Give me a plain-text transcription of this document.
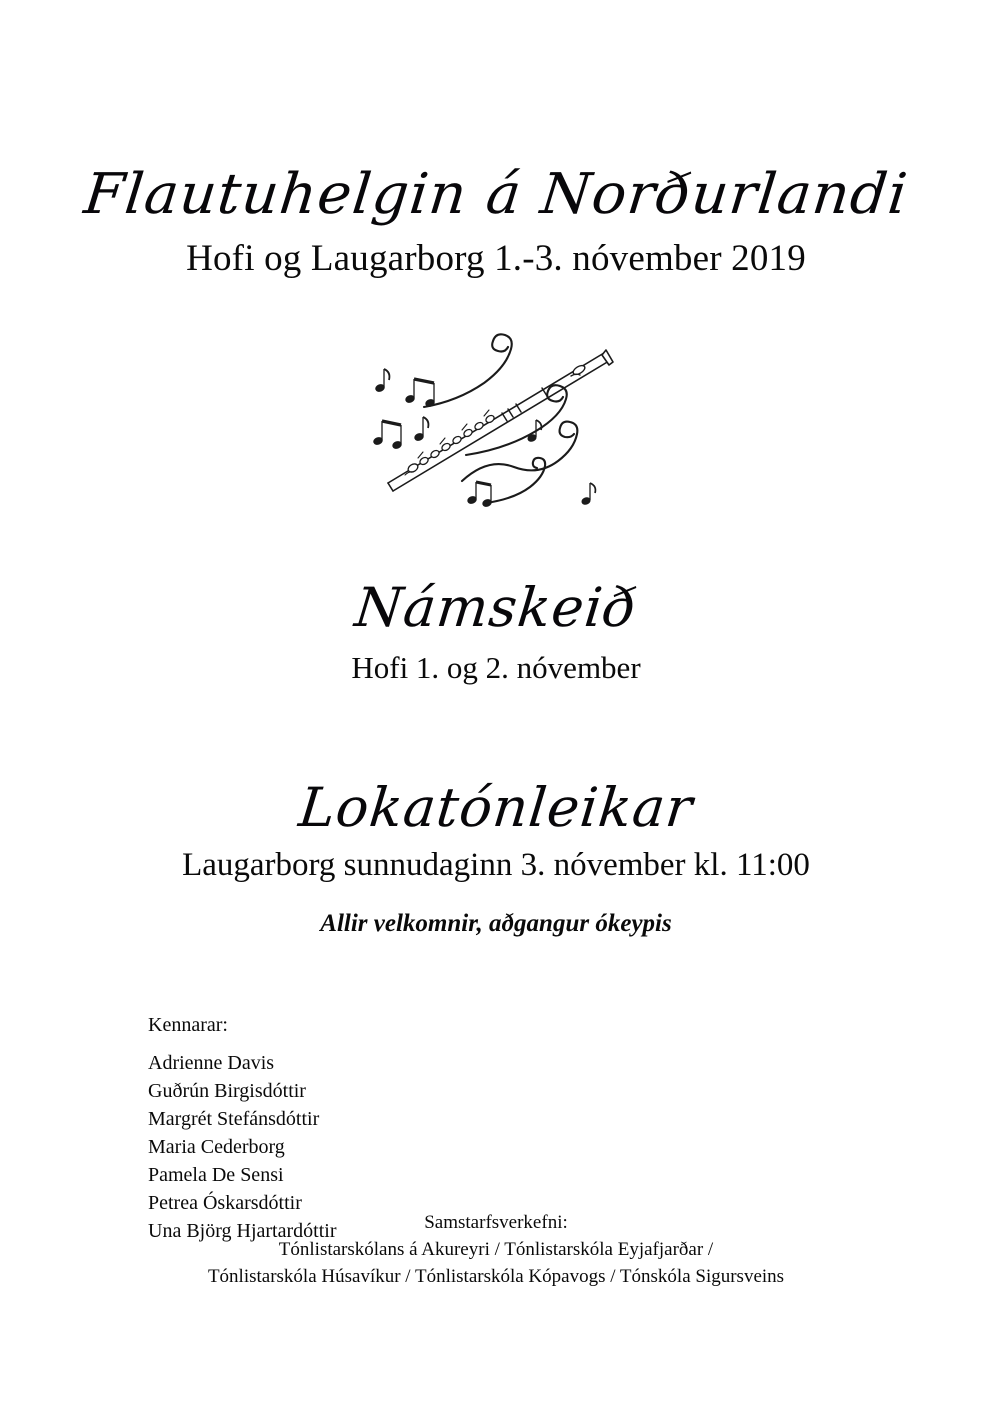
Flautuhelgin á Norðurlandi
Hofi og Laugarborg 1.-3. nóvember 2019
Námskeið
Hofi 1. og 2. nóvember
Lokatónleikar
Laugarborg sunnudaginn 3. nóvember kl. 11:00
Allir velkomnir, aðgangur ókeypis
Kennarar:
Adrienne Davis
Guðrún Birgisdóttir
Margrét Stefánsdóttir
Maria Cederborg
Pamela De Sensi
Petrea Óskarsdóttir
Una Björg Hjartardóttir	Samstarfsverkefni:
Tónlistarskólans á Akureyri / Tónlistarskóla Eyjafjarðar /
Tónlistarskóla Húsavíkur / Tónlistarskóla Kópavogs / Tónskóla Sigursveins
